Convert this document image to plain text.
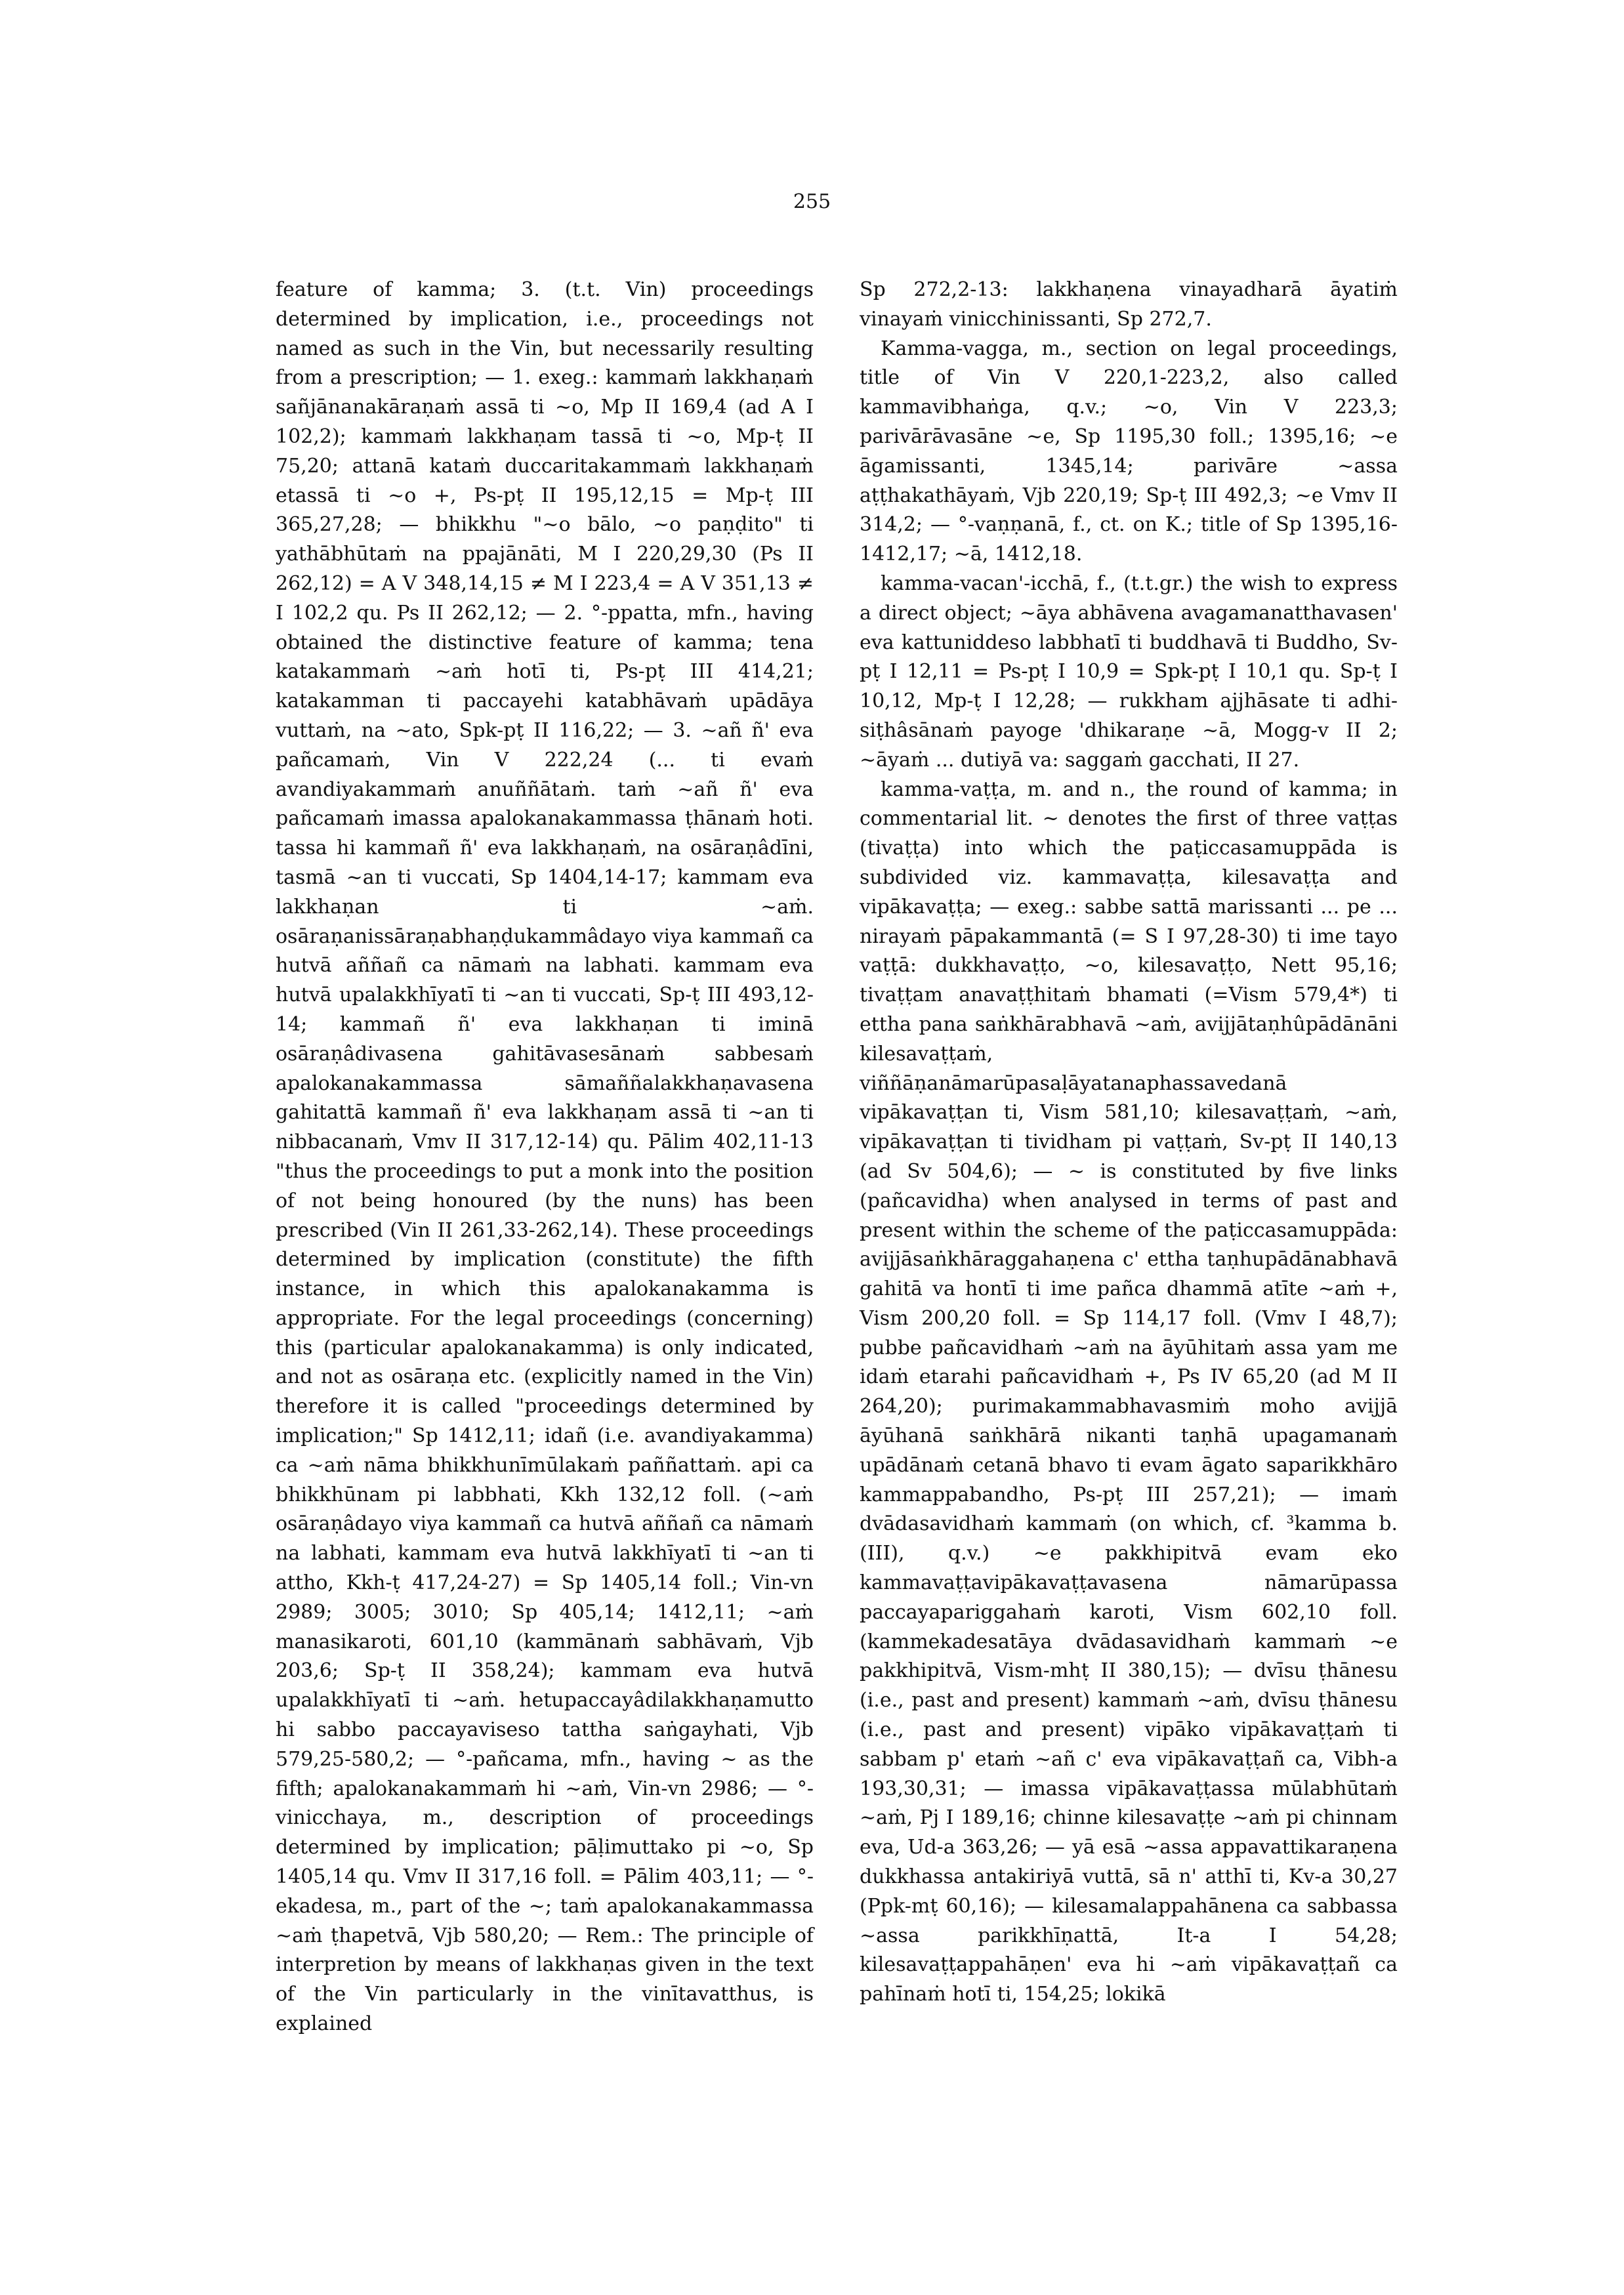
255

feature of kamma; 3. (t.t. Vin) proceedings determined by implication, i.e., proceedings not named as such in the Vin, but necessarily resulting from a prescription; — 1. exeg.: kammaṁ lakkhaṇaṁ sañjānanakāraṇaṁ assā ti ~o, Mp II 169,4 (ad A I 102,2); kammaṁ lakkhaṇam tassā ti ~o, Mp-ṭ II 75,20; attanā kataṁ duccaritakammaṁ lakkhaṇaṁ etassā ti ~o +, Ps-pṭ II 195,12,15 = Mp-ṭ III 365,27,28; — bhikkhu "~o bālo, ~o paṇḍito" ti yathābhūtaṁ na ppajānāti, M I 220,29,30 (Ps II 262,12) = A V 348,14,15 ≠ M I 223,4 = A V 351,13 ≠ I 102,2 qu. Ps II 262,12; — 2. °-ppatta, mfn., having obtained the distinctive feature of kamma; tena katakammaṁ ~aṁ hotī ti, Ps-pṭ III 414,21; katakamman ti paccayehi katabhāvaṁ upādāya vuttaṁ, na ~ato, Spk-pṭ II 116,22; — 3. ~añ ñ' eva pañcamaṁ, Vin V 222,24 (... ti evaṁ avandiyakammaṁ anuññātaṁ. taṁ ~añ ñ' eva pañcamaṁ imassa apalokanakammassa ṭhānaṁ hoti. tassa hi kammañ ñ' eva lakkhaṇaṁ, na osāraṇâdīni, tasmā ~an ti vuccati, Sp 1404,14-17; kammam eva lakkhaṇan ti ~aṁ. osāraṇanissāraṇabhaṇḍukammâdayo viya kammañ ca hutvā aññañ ca nāmaṁ na labhati. kammam eva hutvā upalakkhīyatī ti ~an ti vuccati, Sp-ṭ III 493,12-14; kammañ ñ' eva lakkhaṇan ti iminā osāraṇâdivasena gahitāvasesānaṁ sabbesaṁ apalokanakammassa sāmaññalakkhaṇavasena gahitattā kammañ ñ' eva lakkhaṇam assā ti ~an ti nibbacanaṁ, Vmv II 317,12-14) qu. Pālim 402,11-13 "thus the proceedings to put a monk into the position of not being honoured (by the nuns) has been prescribed (Vin II 261,33-262,14). These proceedings determined by implication (constitute) the fifth instance, in which this apalokanakamma is appropriate. For the legal proceedings (concerning) this (particular apalokanakamma) is only indicated, and not as osāraṇa etc. (explicitly named in the Vin) therefore it is called "proceedings determined by implication;" Sp 1412,11; idañ (i.e. avandiyakamma) ca ~aṁ nāma bhikkhunīmūlakaṁ paññattaṁ. api ca bhikkhūnam pi labbhati, Kkh 132,12 foll. (~aṁ osāraṇâdayo viya kammañ ca hutvā aññañ ca nāmaṁ na labhati, kammam eva hutvā lakkhīyatī ti ~an ti attho, Kkh-ṭ 417,24-27) = Sp 1405,14 foll.; Vin-vn 2989; 3005; 3010; Sp 405,14; 1412,11; ~aṁ manasikaroti, 601,10 (kammānaṁ sabhāvaṁ, Vjb 203,6; Sp-ṭ II 358,24); kammam eva hutvā upalakkhīyatī ti ~aṁ. hetupaccayâdilakkhaṇamutto hi sabbo paccayaviseso tattha saṅgayhati, Vjb 579,25-580,2; — °-pañcama, mfn., having ~ as the fifth; apalokanakammaṁ hi ~aṁ, Vin-vn 2986; — °-vinicchaya, m., description of proceedings determined by implication; pāḷimuttako pi ~o, Sp 1405,14 qu. Vmv II 317,16 foll. = Pālim 403,11; — °-ekadesa, m., part of the ~; taṁ apalokanakammassa ~aṁ ṭhapetvā, Vjb 580,20; — Rem.: The principle of interpretion by means of lakkhaṇas given in the text of the Vin particularly in the vinītavatthus, is explained

Sp 272,2-13: lakkhaṇena vinayadharā āyatiṁ vinayaṁ vinicchinissanti, Sp 272,7.

Kamma-vagga, m., section on legal proceedings, title of Vin V 220,1-223,2, also called kammavibhaṅga, q.v.; ~o, Vin V 223,3; parivārāvasāne ~e, Sp 1195,30 foll.; 1395,16; ~e āgamissanti, 1345,14; parivāre ~assa aṭṭhakathāyaṁ, Vjb 220,19; Sp-ṭ III 492,3; ~e Vmv II 314,2; — °-vaṇṇanā, f., ct. on K.; title of Sp 1395,16-1412,17; ~ā, 1412,18.

kamma-vacan'-icchā, f., (t.t.gr.) the wish to express a direct object; ~āya abhāvena avagamanatthavasen' eva kattuniddeso labbhatī ti buddhavā ti Buddho, Sv-pṭ I 12,11 = Ps-pṭ I 10,9 = Spk-pṭ I 10,1 qu. Sp-ṭ I 10,12, Mp-ṭ I 12,28; — rukkham ajjhāsate ti adhi-siṭhâsānaṁ payoge 'dhikaraṇe ~ā, Mogg-v II 2; ~āyaṁ ... dutiyā va: saggaṁ gacchati, II 27.

kamma-vaṭṭa, m. and n., the round of kamma; in commentarial lit. ~ denotes the first of three vaṭṭas (tivaṭṭa) into which the paṭiccasamuppāda is subdivided viz. kammavaṭṭa, kilesavaṭṭa and vipākavaṭṭa; — exeg.: sabbe sattā marissanti ... pe ... nirayaṁ pāpakammantā (= S I 97,28-30) ti ime tayo vaṭṭā: dukkhavaṭṭo, ~o, kilesavaṭṭo, Nett 95,16; tivaṭṭam anavaṭṭhitaṁ bhamati (=Vism 579,4*) ti ettha pana saṅkhārabhavā ~aṁ, avijjātaṇhûpādānāni kilesavaṭṭaṁ, viññāṇanāmarūpasaḷāyatanaphassavedanā vipākavaṭṭan ti, Vism 581,10; kilesavaṭṭaṁ, ~aṁ, vipākavaṭṭan ti tividham pi vaṭṭaṁ, Sv-pṭ II 140,13 (ad Sv 504,6); — ~ is constituted by five links (pañcavidha) when analysed in terms of past and present within the scheme of the paṭiccasamuppāda: avijjāsaṅkhāraggahaṇena c' ettha taṇhupādānabhavā gahitā va hontī ti ime pañca dhammā atīte ~aṁ +, Vism 200,20 foll. = Sp 114,17 foll. (Vmv I 48,7); pubbe pañcavidhaṁ ~aṁ na āyūhitaṁ assa yam me idaṁ etarahi pañcavidhaṁ +, Ps IV 65,20 (ad M II 264,20); purimakammabhavasmiṁ moho avijjā āyūhanā saṅkhārā nikanti taṇhā upagamanaṁ upādānaṁ cetanā bhavo ti evam āgato saparikkhāro kammappabandho, Ps-pṭ III 257,21); — imaṁ dvādasavidhaṁ kammaṁ (on which, cf. ³kamma b.(III), q.v.) ~e pakkhipitvā evam eko kammavaṭṭavipākavaṭṭavasena nāmarūpassa paccayapariggahaṁ karoti, Vism 602,10 foll. (kammekadesatāya dvādasavidhaṁ kammaṁ ~e pakkhipitvā, Vism-mhṭ II 380,15); — dvīsu ṭhānesu (i.e., past and present) kammaṁ ~aṁ, dvīsu ṭhānesu (i.e., past and present) vipāko vipākavaṭṭaṁ ti sabbam p' etaṁ ~añ c' eva vipākavaṭṭañ ca, Vibh-a 193,30,31; — imassa vipākavaṭṭassa mūlabhūtaṁ ~aṁ, Pj I 189,16; chinne kilesavaṭṭe ~aṁ pi chinnam eva, Ud-a 363,26; — yā esā ~assa appavattikaraṇena dukkhassa antakiriyā vuttā, sā n' atthī ti, Kv-a 30,27 (Ppk-mṭ 60,16); — kilesamalappahānena ca sabbassa ~assa parikkhīṇattā, It-a I 54,28; kilesavaṭṭappahāṇen' eva hi ~aṁ vipākavaṭṭañ ca pahīnaṁ hotī ti, 154,25; lokikā
